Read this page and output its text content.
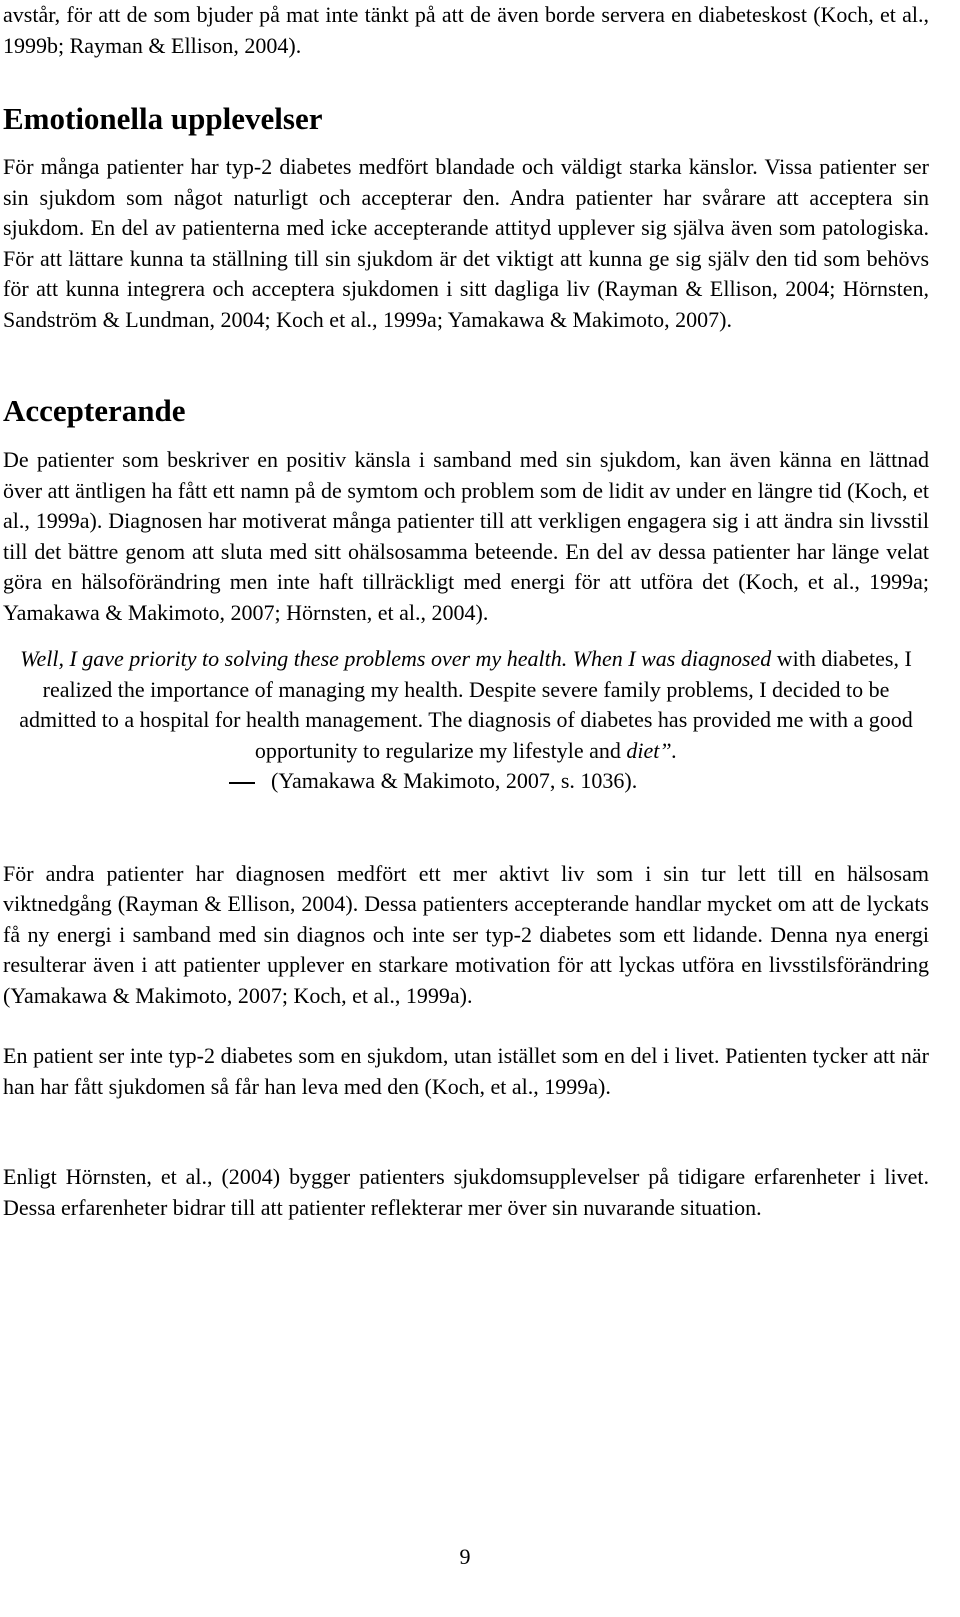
avstår, för att de som bjuder på mat inte tänkt på att de även borde servera en diabeteskost (Koch, et al., 1999b; Rayman & Ellison, 2004).

Emotionella upplevelser

För många patienter har typ-2 diabetes medfört blandade och väldigt starka känslor. Vissa patienter ser sin sjukdom som något naturligt och accepterar den. Andra patienter har svårare att acceptera sin sjukdom. En del av patienterna med icke accepterande attityd upplever sig själva även som patologiska. För att lättare kunna ta ställning till sin sjukdom är det viktigt att kunna ge sig själv den tid som behövs för att kunna integrera och acceptera sjukdomen i sitt dagliga liv (Rayman & Ellison, 2004; Hörnsten, Sandström & Lundman, 2004; Koch et al., 1999a; Yamakawa & Makimoto, 2007).

Accepterande

De patienter som beskriver en positiv känsla i samband med sin sjukdom, kan även känna en lättnad över att äntligen ha fått ett namn på de symtom och problem som de lidit av under en längre tid (Koch, et al., 1999a). Diagnosen har motiverat många patienter till att verkligen engagera sig i att ändra sin livsstil till det bättre genom att sluta med sitt ohälsosamma beteende. En del av dessa patienter har länge velat göra en hälsoförändring men inte haft tillräckligt med energi för att utföra det (Koch, et al., 1999a; Yamakawa & Makimoto, 2007; Hörnsten, et al., 2004).

Well, I gave priority to solving these problems over my health. When I was diagnosed with diabetes, I realized the importance of managing my health. Despite severe family problems, I decided to be admitted to a hospital for health management. The diagnosis of diabetes has provided me with a good opportunity to regularize my lifestyle and diet”.
(Yamakawa & Makimoto, 2007, s. 1036).

För andra patienter har diagnosen medfört ett mer aktivt liv som i sin tur lett till en hälsosam viktnedgång (Rayman & Ellison, 2004). Dessa patienters accepterande handlar mycket om att de lyckats få ny energi i samband med sin diagnos och inte ser typ-2 diabetes som ett lidande. Denna nya energi resulterar även i att patienter upplever en starkare motivation för att lyckas utföra en livsstilsförändring (Yamakawa & Makimoto, 2007; Koch, et al., 1999a).

En patient ser inte typ-2 diabetes som en sjukdom, utan istället som en del i livet. Patienten tycker att när han har fått sjukdomen så får han leva med den (Koch, et al., 1999a).

Enligt Hörnsten, et al., (2004) bygger patienters sjukdomsupplevelser på tidigare erfarenheter i livet. Dessa erfarenheter bidrar till att patienter reflekterar mer över sin nuvarande situation.

9
